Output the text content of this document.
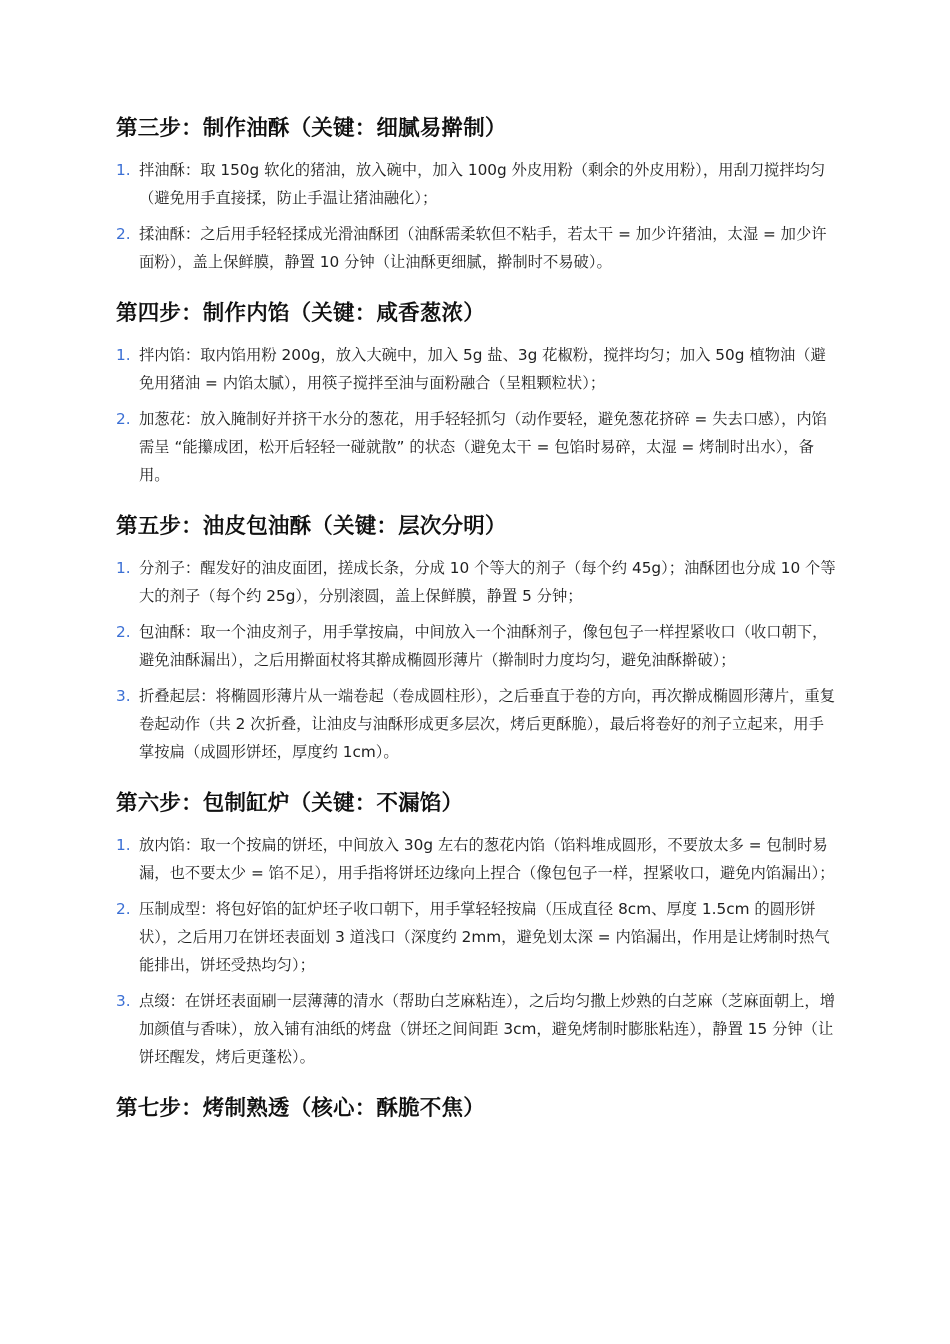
第三步：制作油酥（关键：细腻易擀制）
1. 拌油酥：取 150g 软化的猪油，放入碗中，加入 100g 外皮用粉（剩余的外皮用粉），用刮刀搅拌均匀（避免用手直接揉，防止手温让猪油融化）；
2. 揉油酥：之后用手轻轻揉成光滑油酥团（油酥需柔软但不粘手，若太干 = 加少许猪油，太湿 = 加少许面粉），盖上保鲜膜，静置 10 分钟（让油酥更细腻，擀制时不易破）。
第四步：制作内馅（关键：咸香葱浓）
1. 拌内馅：取内馅用粉 200g，放入大碗中，加入 5g 盐、3g 花椒粉，搅拌均匀；加入 50g 植物油（避免用猪油 = 内馅太腻），用筷子搅拌至油与面粉融合（呈粗颗粒状）；
2. 加葱花：放入腌制好并挤干水分的葱花，用手轻轻抓匀（动作要轻，避免葱花挤碎 = 失去口感），内馅需呈 “能攥成团，松开后轻轻一碰就散” 的状态（避免太干 = 包馅时易碎，太湿 = 烤制时出水），备用。
第五步：油皮包油酥（关键：层次分明）
1. 分剂子：醒发好的油皮面团，搓成长条，分成 10 个等大的剂子（每个约 45g）；油酥团也分成 10 个等大的剂子（每个约 25g），分别滚圆，盖上保鲜膜，静置 5 分钟；
2. 包油酥：取一个油皮剂子，用手掌按扁，中间放入一个油酥剂子，像包包子一样捏紧收口（收口朝下，避免油酥漏出），之后用擀面杖将其擀成椭圆形薄片（擀制时力度均匀，避免油酥擀破）；
3. 折叠起层：将椭圆形薄片从一端卷起（卷成圆柱形），之后垂直于卷的方向，再次擀成椭圆形薄片，重复卷起动作（共 2 次折叠，让油皮与油酥形成更多层次，烤后更酥脆），最后将卷好的剂子立起来，用手掌按扁（成圆形饼坯，厚度约 1cm）。
第六步：包制缸炉（关键：不漏馅）
1. 放内馅：取一个按扁的饼坯，中间放入 30g 左右的葱花内馅（馅料堆成圆形，不要放太多 = 包制时易漏，也不要太少 = 馅不足），用手指将饼坯边缘向上捏合（像包包子一样，捏紧收口，避免内馅漏出）；
2. 压制成型：将包好馅的缸炉坯子收口朝下，用手掌轻轻按扁（压成直径 8cm、厚度 1.5cm 的圆形饼状），之后用刀在饼坯表面划 3 道浅口（深度约 2mm，避免划太深 = 内馅漏出，作用是让烤制时热气能排出，饼坯受热均匀）；
3. 点缀：在饼坯表面刷一层薄薄的清水（帮助白芝麻粘连），之后均匀撒上炒熟的白芝麻（芝麻面朝上，增加颜值与香味），放入铺有油纸的烤盘（饼坯之间间距 3cm，避免烤制时膨胀粘连），静置 15 分钟（让饼坯醒发，烤后更蓬松）。
第七步：烤制熟透（核心：酥脆不焦）
